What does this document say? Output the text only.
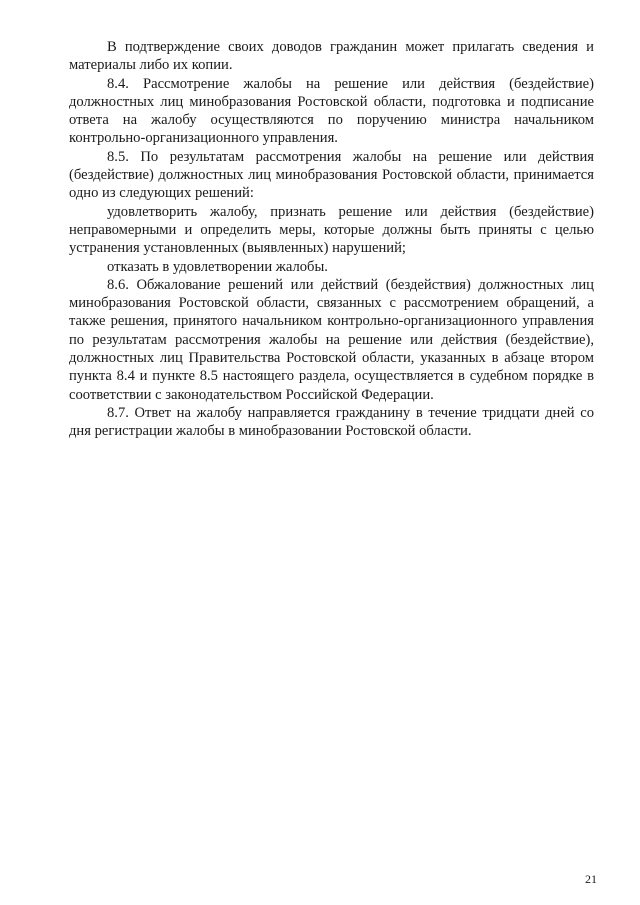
В подтверждение своих доводов гражданин может прилагать сведения и материалы либо их копии.

8.4. Рассмотрение жалобы на решение или действия (бездействие) должностных лиц минобразования Ростовской области, подготовка и подписание ответа на жалобу осуществляются по поручению министра начальником контрольно-организационного управления.

8.5. По результатам рассмотрения жалобы на решение или действия (бездействие) должностных лиц минобразования Ростовской области, принимается одно из следующих решений:

удовлетворить жалобу, признать решение или действия (бездействие) неправомерными и определить меры, которые должны быть приняты с целью устранения установленных (выявленных) нарушений;

отказать в удовлетворении жалобы.

8.6. Обжалование решений или действий (бездействия) должностных лиц минобразования Ростовской области, связанных с рассмотрением обращений, а также решения, принятого начальником контрольно-организационного управления по результатам рассмотрения жалобы на решение или действия (бездействие), должностных лиц Правительства Ростовской области, указанных в абзаце втором пункта 8.4 и пункте 8.5 настоящего раздела, осуществляется в судебном порядке в соответствии с законодательством Российской Федерации.

8.7. Ответ на жалобу направляется гражданину в течение тридцати дней со дня регистрации жалобы в минобразовании Ростовской области.

21
